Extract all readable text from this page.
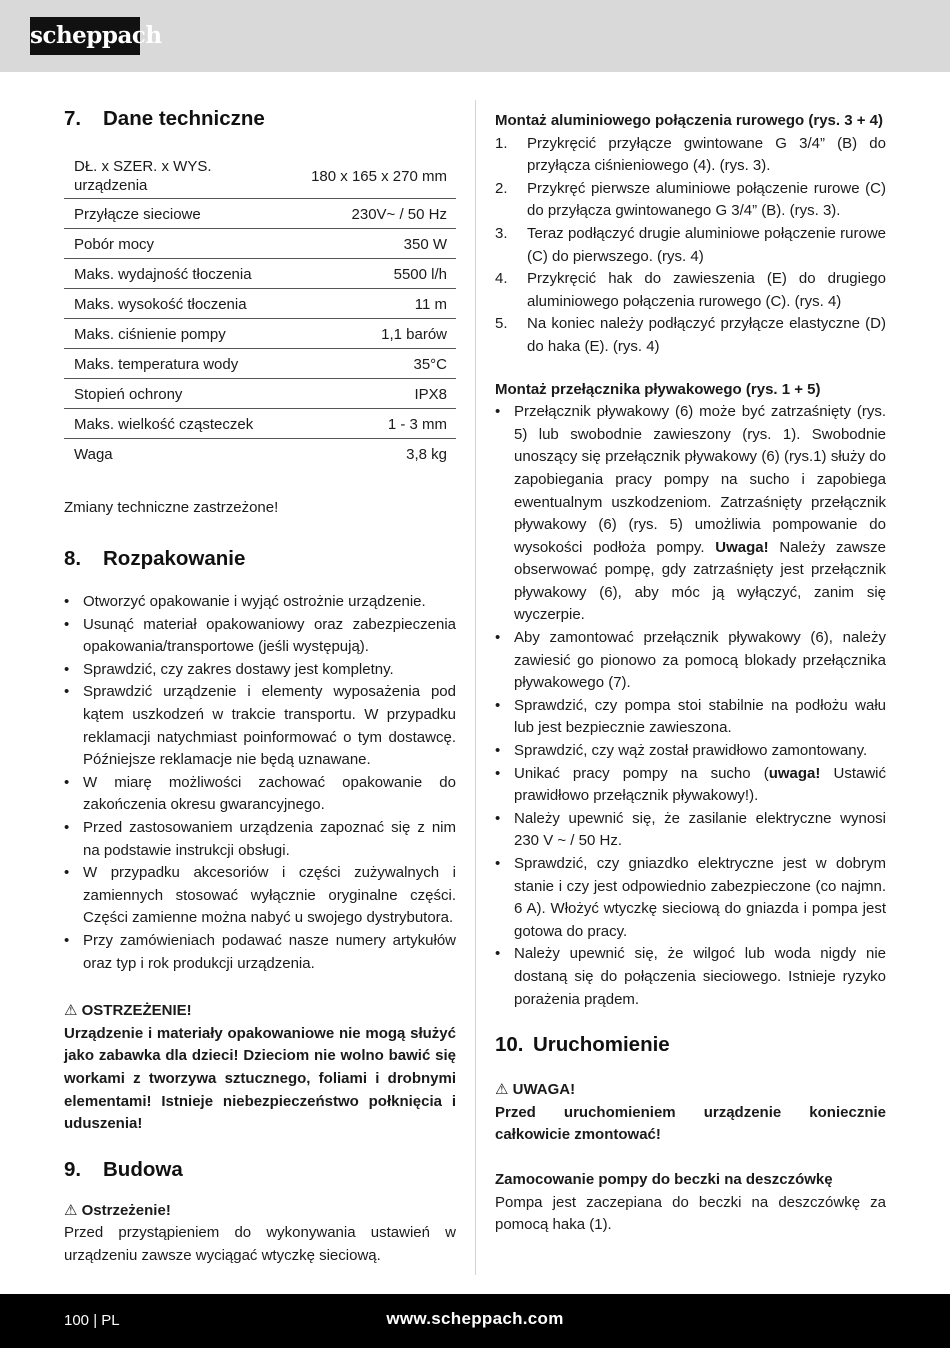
scheppach
7.	Dane techniczne
DŁ. x SZER. x WYS. urządzenia	180 x 165 x 270 mm
Przyłącze sieciowe	230V~ / 50 Hz
Pobór mocy	350 W
Maks. wydajność tłoczenia	5500 l/h
Maks. wysokość tłoczenia	11 m
Maks. ciśnienie pompy	1,1 barów
Maks. temperatura wody	35°C
Stopień ochrony	IPX8
Maks. wielkość cząsteczek	1 - 3 mm
Waga	3,8 kg

Zmiany techniczne zastrzeżone!

8.	Rozpakowanie
• Otworzyć opakowanie i wyjąć ostrożnie urządzenie.
• Usunąć materiał opakowaniowy oraz zabezpieczenia opakowania/transportowe (jeśli występują).
• Sprawdzić, czy zakres dostawy jest kompletny.
• Sprawdzić urządzenie i elementy wyposażenia pod kątem uszkodzeń w trakcie transportu. W przypadku reklamacji natychmiast poinformować o tym dostawcę. Późniejsze reklamacje nie będą uznawane.
• W miarę możliwości zachować opakowanie do zakończenia okresu gwarancyjnego.
• Przed zastosowaniem urządzenia zapoznać się z nim na podstawie instrukcji obsługi.
• W przypadku akcesoriów i części zużywalnych i zamiennych stosować wyłącznie oryginalne części. Części zamienne można nabyć u swojego dystrybutora.
• Przy zamówieniach podawać nasze numery artykułów oraz typ i rok produkcji urządzenia.

⚠ OSTRZEŻENIE!

Urządzenie i materiały opakowaniowe nie mogą służyć jako zabawka dla dzieci! Dzieciom nie wolno bawić się workami z tworzywa sztucznego, foliami i drobnymi elementami! Istnieje niebezpieczeństwo połknięcia i uduszenia!

9.	Budowa

⚠ Ostrzeżenie!

Przed przystąpieniem do wykonywania ustawień w urządzeniu zawsze wyciągać wtyczkę sieciową.

Montaż aluminiowego połączenia rurowego (rys. 3 + 4)

1. Przykręcić przyłącze gwintowane G 3/4” (B) do przyłącza ciśnieniowego (4). (rys. 3).
2. Przykręć pierwsze aluminiowe połączenie rurowe (C) do przyłącza gwintowanego G 3/4” (B). (rys. 3).
3. Teraz podłączyć drugie aluminiowe połączenie rurowe (C) do pierwszego. (rys. 4)
4. Przykręcić hak do zawieszenia (E) do drugiego aluminiowego połączenia rurowego (C). (rys. 4)
5. Na koniec należy podłączyć przyłącze elastyczne (D) do haka (E). (rys. 4)

Montaż przełącznika pływakowego (rys. 1 + 5)

• Przełącznik pływakowy (6) może być zatrzaśnięty (rys. 5) lub swobodnie zawieszony (rys. 1). Swobodnie unoszący się przełącznik pływakowy (6) (rys.1) służy do zapobiegania pracy pompy na sucho i zapobiega ewentualnym uszkodzeniom. Zatrzaśnięty przełącznik pływakowy (6) (rys. 5) umożliwia pompowanie do wysokości podłoża pompy. Uwaga! Należy zawsze obserwować pompę, gdy zatrzaśnięty jest przełącznik pływakowy (6), aby móc ją wyłączyć, zanim się wyczerpie.
• Aby zamontować przełącznik pływakowy (6), należy zawiesić go pionowo za pomocą blokady przełącznika pływakowego (7).
• Sprawdzić, czy pompa stoi stabilnie na podłożu wału lub jest bezpiecznie zawieszona.
• Sprawdzić, czy wąż został prawidłowo zamontowany.
• Unikać pracy pompy na sucho (uwaga! Ustawić prawidłowo przełącznik pływakowy!).
• Należy upewnić się, że zasilanie elektryczne wynosi 230 V ~ / 50 Hz.
• Sprawdzić, czy gniazdko elektryczne jest w dobrym stanie i czy jest odpowiednio zabezpieczone (co najmn. 6 A). Włożyć wtyczkę sieciową do gniazda i pompa jest gotowa do pracy.
• Należy upewnić się, że wilgoć lub woda nigdy nie dostaną się do połączenia sieciowego. Istnieje ryzyko porażenia prądem.
10. Uruchomienie

⚠ UWAGA!

Przed uruchomieniem urządzenie koniecznie całkowicie zmontować!

Zamocowanie pompy do beczki na deszczówkę

Pompa jest zaczepiana do beczki na deszczówkę za pomocą haka (1).

100 | PL	www.scheppach.com
